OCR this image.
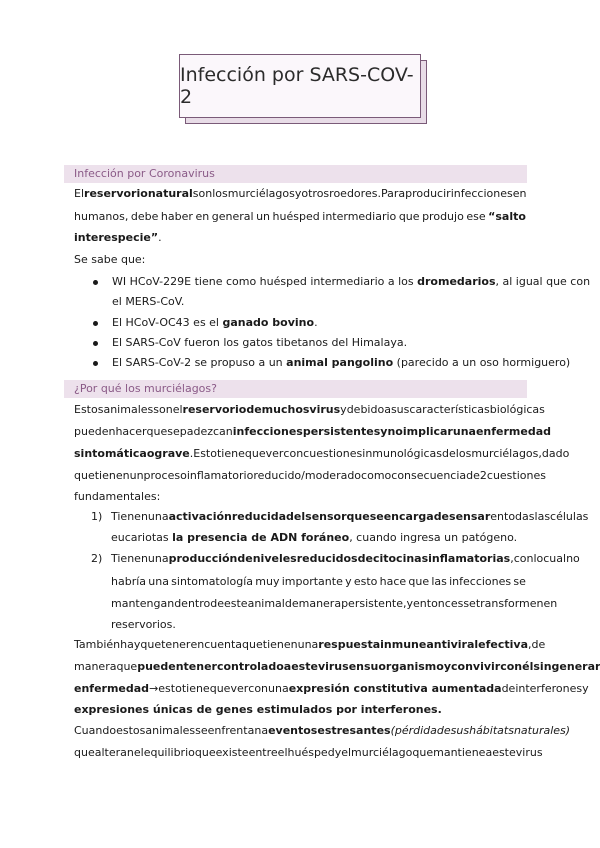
Infección por SARS-COV-2
Infección por Coronavirus
El reservorio natural son los murciélagos y otros roedores. Para producir infecciones en
humanos, debe haber en general un huésped intermediario que produjo ese “salto
interespecie”.
Se sabe que:
WI HCoV-229E tiene como huésped intermediario a los dromedarios, al igual que con
el MERS-CoV.
El HCoV-OC43 es el ganado bovino.
El SARS-CoV fueron los gatos tibetanos del Himalaya.
El SARS-CoV-2 se propuso a un animal pangolino (parecido a un oso hormiguero)
¿Por qué los murciélagos?
Estos animales son el reservorio de muchos virus y debido a sus características biológicas
pueden hacer que se padezcan infecciones persistentes y no implicar una enfermedad
sintomática o grave . Esto tiene que ver con cuestiones inmunológicas de los murciélagos, dado
que tienen un proceso inflamatorio reducido/moderado como consecuencia de 2 cuestiones
fundamentales:
1) Tienen una activación reducida del sensor que se encarga de sensar en todas las células
eucariotas la presencia de ADN foráneo, cuando ingresa un patógeno.
2) Tienen una producción de niveles reducidos de citocinas inflamatorias , con lo cual no
habría una sintomatología muy importante y esto hace que las infecciones se
mantengan dentro de este animal de manera persistente, y entonces se transformen en
reservorios.
También hay que tener en cuenta que tienen una respuesta inmune antiviral efectiva , de
manera que pueden tener controlado a este virus en su organismo y convivir con él sin generar
enfermedad → esto tiene que ver con una expresión constitutiva aumentada de interferones y
expresiones únicas de genes estimulados por interferones.
Cuando estos animales se enfrentan a eventos estresantes (pérdida de sus hábitats naturales)
que alteran el equilibrio que existe entre el huésped y el murciélago que mantiene a este virus
